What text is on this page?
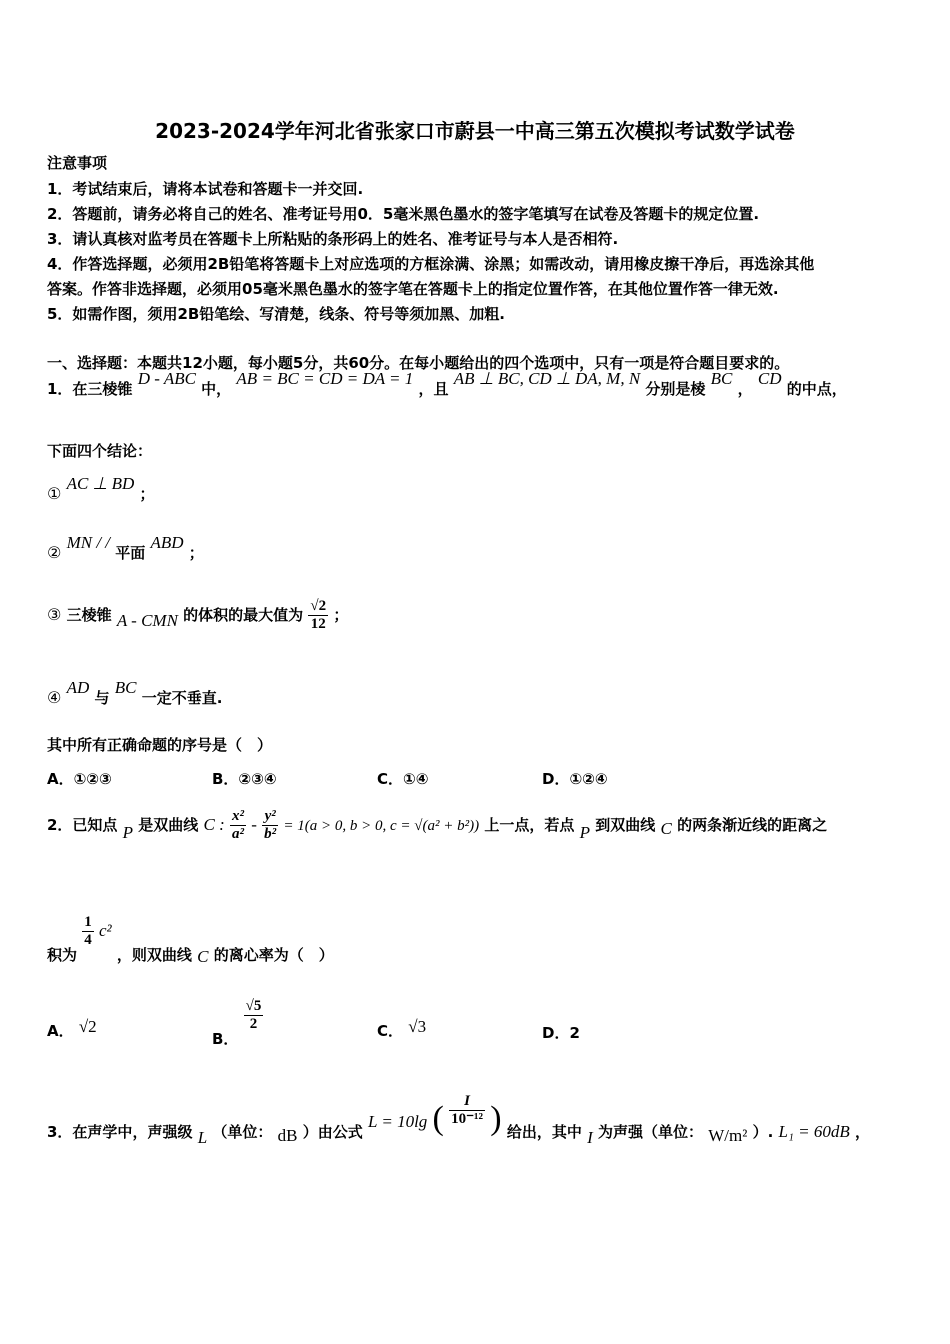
2023-2024学年河北省张家口市蔚县一中高三第五次模拟考试数学试卷
注意事项
1．考试结束后，请将本试卷和答题卡一并交回.
2．答题前，请务必将自己的姓名、准考证号用0．5毫米黑色墨水的签字笔填写在试卷及答题卡的规定位置.
3．请认真核对监考员在答题卡上所粘贴的条形码上的姓名、准考证号与本人是否相符.
4．作答选择题，必须用2B铅笔将答题卡上对应选项的方框涂满、涂黑；如需改动，请用橡皮擦干净后，再选涂其他
答案。作答非选择题，必须用05毫米黑色墨水的签字笔在答题卡上的指定位置作答，在其他位置作答一律无效.
5．如需作图，须用2B铅笔绘、写清楚，线条、符号等须加黑、加粗.
一、选择题：本题共12小题，每小题5分，共60分。在每小题给出的四个选项中，只有一项是符合题目要求的。
1．在三棱锥 D - ABC 中， AB = BC = CD = DA = 1 ，且 AB ⊥ BC, CD ⊥ DA, M, N 分别是棱 BC ， CD 的中点，
下面四个结论：
① AC ⊥ BD ；
② MN / / 平面 ABD ；
③ 三棱锥 A - CMN 的体积的最大值为 $\frac{√2}{12}$ ；
④ AD 与 BC 一定不垂直.
其中所有正确命题的序号是（　）
A．①②③	B．②③④	C．①④	D．①②④
2．已知点 P 是双曲线 C : $\frac{\text{x²}}{\text{a²}} - \frac{\text{y²}}{\text{b²}} = 1(a > 0$, b > 0, c = √(a² + b²)) 上一点，若点 P 到双曲线 C 的两条渐近线的距离之
积为
$\frac{1}{4} c^2$ ，则双曲线 C 的离心率为（　）
A． √2
B．
$\frac{√5}{2}$	C． √3	D．2
3．在声学中，声强级 L （单位： dB ）由公式 L = 10lg ( $\frac{I}{\text{10⁻¹²}}$ ) 给出，其中 I 为声强（单位： W/m² ）. L₁ = 60dB ，
